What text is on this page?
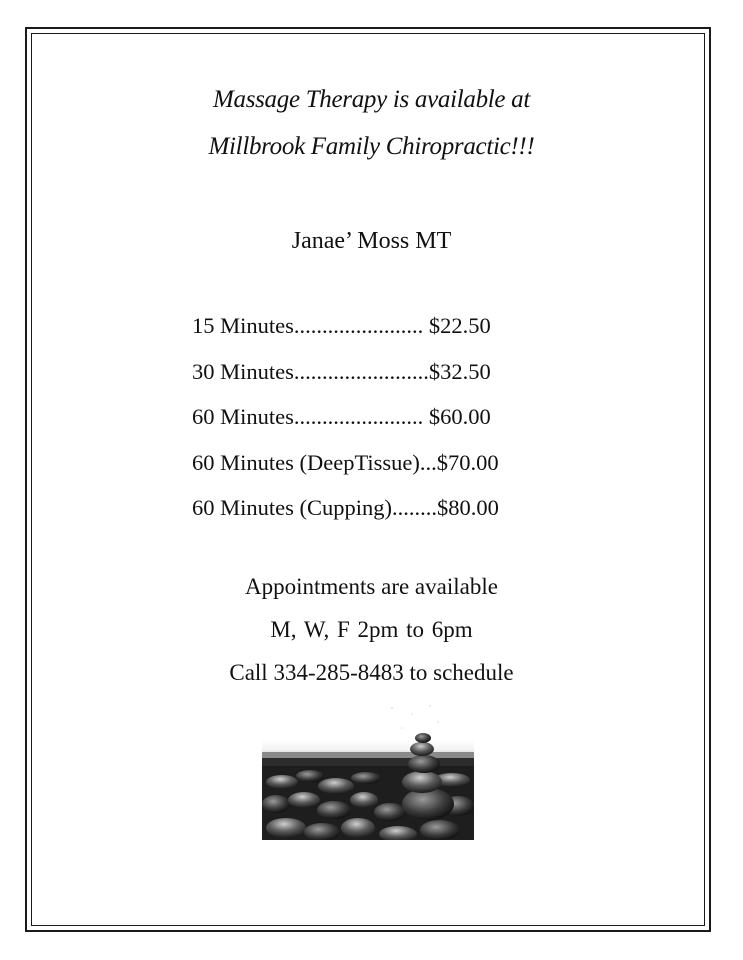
Massage Therapy is available at
Millbrook Family Chiropractic!!!
Janae’ Moss MT
15 Minutes....................... $22.50
30 Minutes........................$32.50
60 Minutes....................... $60.00
60 Minutes (DeepTissue)...$70.00
60 Minutes (Cupping)........$80.00
Appointments are available
M, W, F 2pm to 6pm
Call 334-285-8483 to schedule
